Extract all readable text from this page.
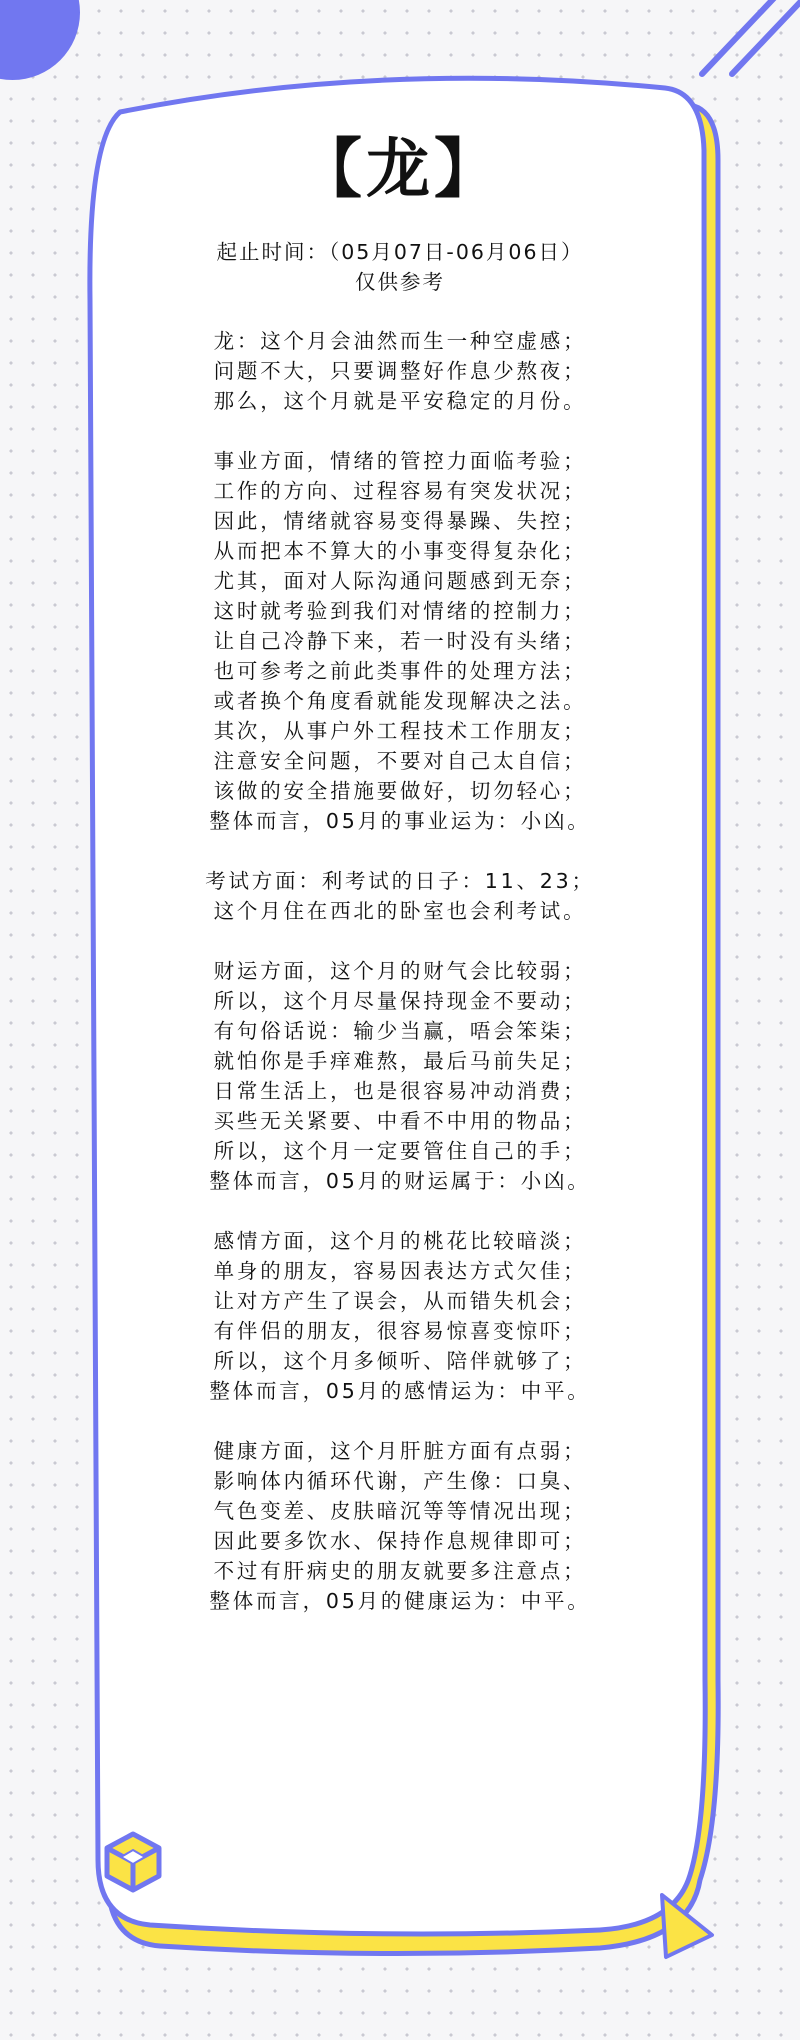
【龙】
起止时间：（05月07日-06月06日）
仅供参考
龙：这个月会油然而生一种空虚感；
问题不大，只要调整好作息少熬夜；
那么，这个月就是平安稳定的月份。
事业方面，情绪的管控力面临考验；
工作的方向、过程容易有突发状况；
因此，情绪就容易变得暴躁、失控；
从而把本不算大的小事变得复杂化；
尤其，面对人际沟通问题感到无奈；
这时就考验到我们对情绪的控制力；
让自己冷静下来，若一时没有头绪；
也可参考之前此类事件的处理方法；
或者换个角度看就能发现解决之法。
其次，从事户外工程技术工作朋友；
注意安全问题，不要对自己太自信；
该做的安全措施要做好，切勿轻心；
整体而言，05月的事业运为：小凶。
考试方面：利考试的日子：11、23；
这个月住在西北的卧室也会利考试。
财运方面，这个月的财气会比较弱；
所以，这个月尽量保持现金不要动；
有句俗话说：输少当赢，唔会笨柒；
就怕你是手痒难熬，最后马前失足；
日常生活上，也是很容易冲动消费；
买些无关紧要、中看不中用的物品；
所以，这个月一定要管住自己的手；
整体而言，05月的财运属于：小凶。
感情方面，这个月的桃花比较暗淡；
单身的朋友，容易因表达方式欠佳；
让对方产生了误会，从而错失机会；
有伴侣的朋友，很容易惊喜变惊吓；
所以，这个月多倾听、陪伴就够了；
整体而言，05月的感情运为：中平。
健康方面，这个月肝脏方面有点弱；
影响体内循环代谢，产生像：口臭、
气色变差、皮肤暗沉等等情况出现；
因此要多饮水、保持作息规律即可；
不过有肝病史的朋友就要多注意点；
整体而言，05月的健康运为：中平。
